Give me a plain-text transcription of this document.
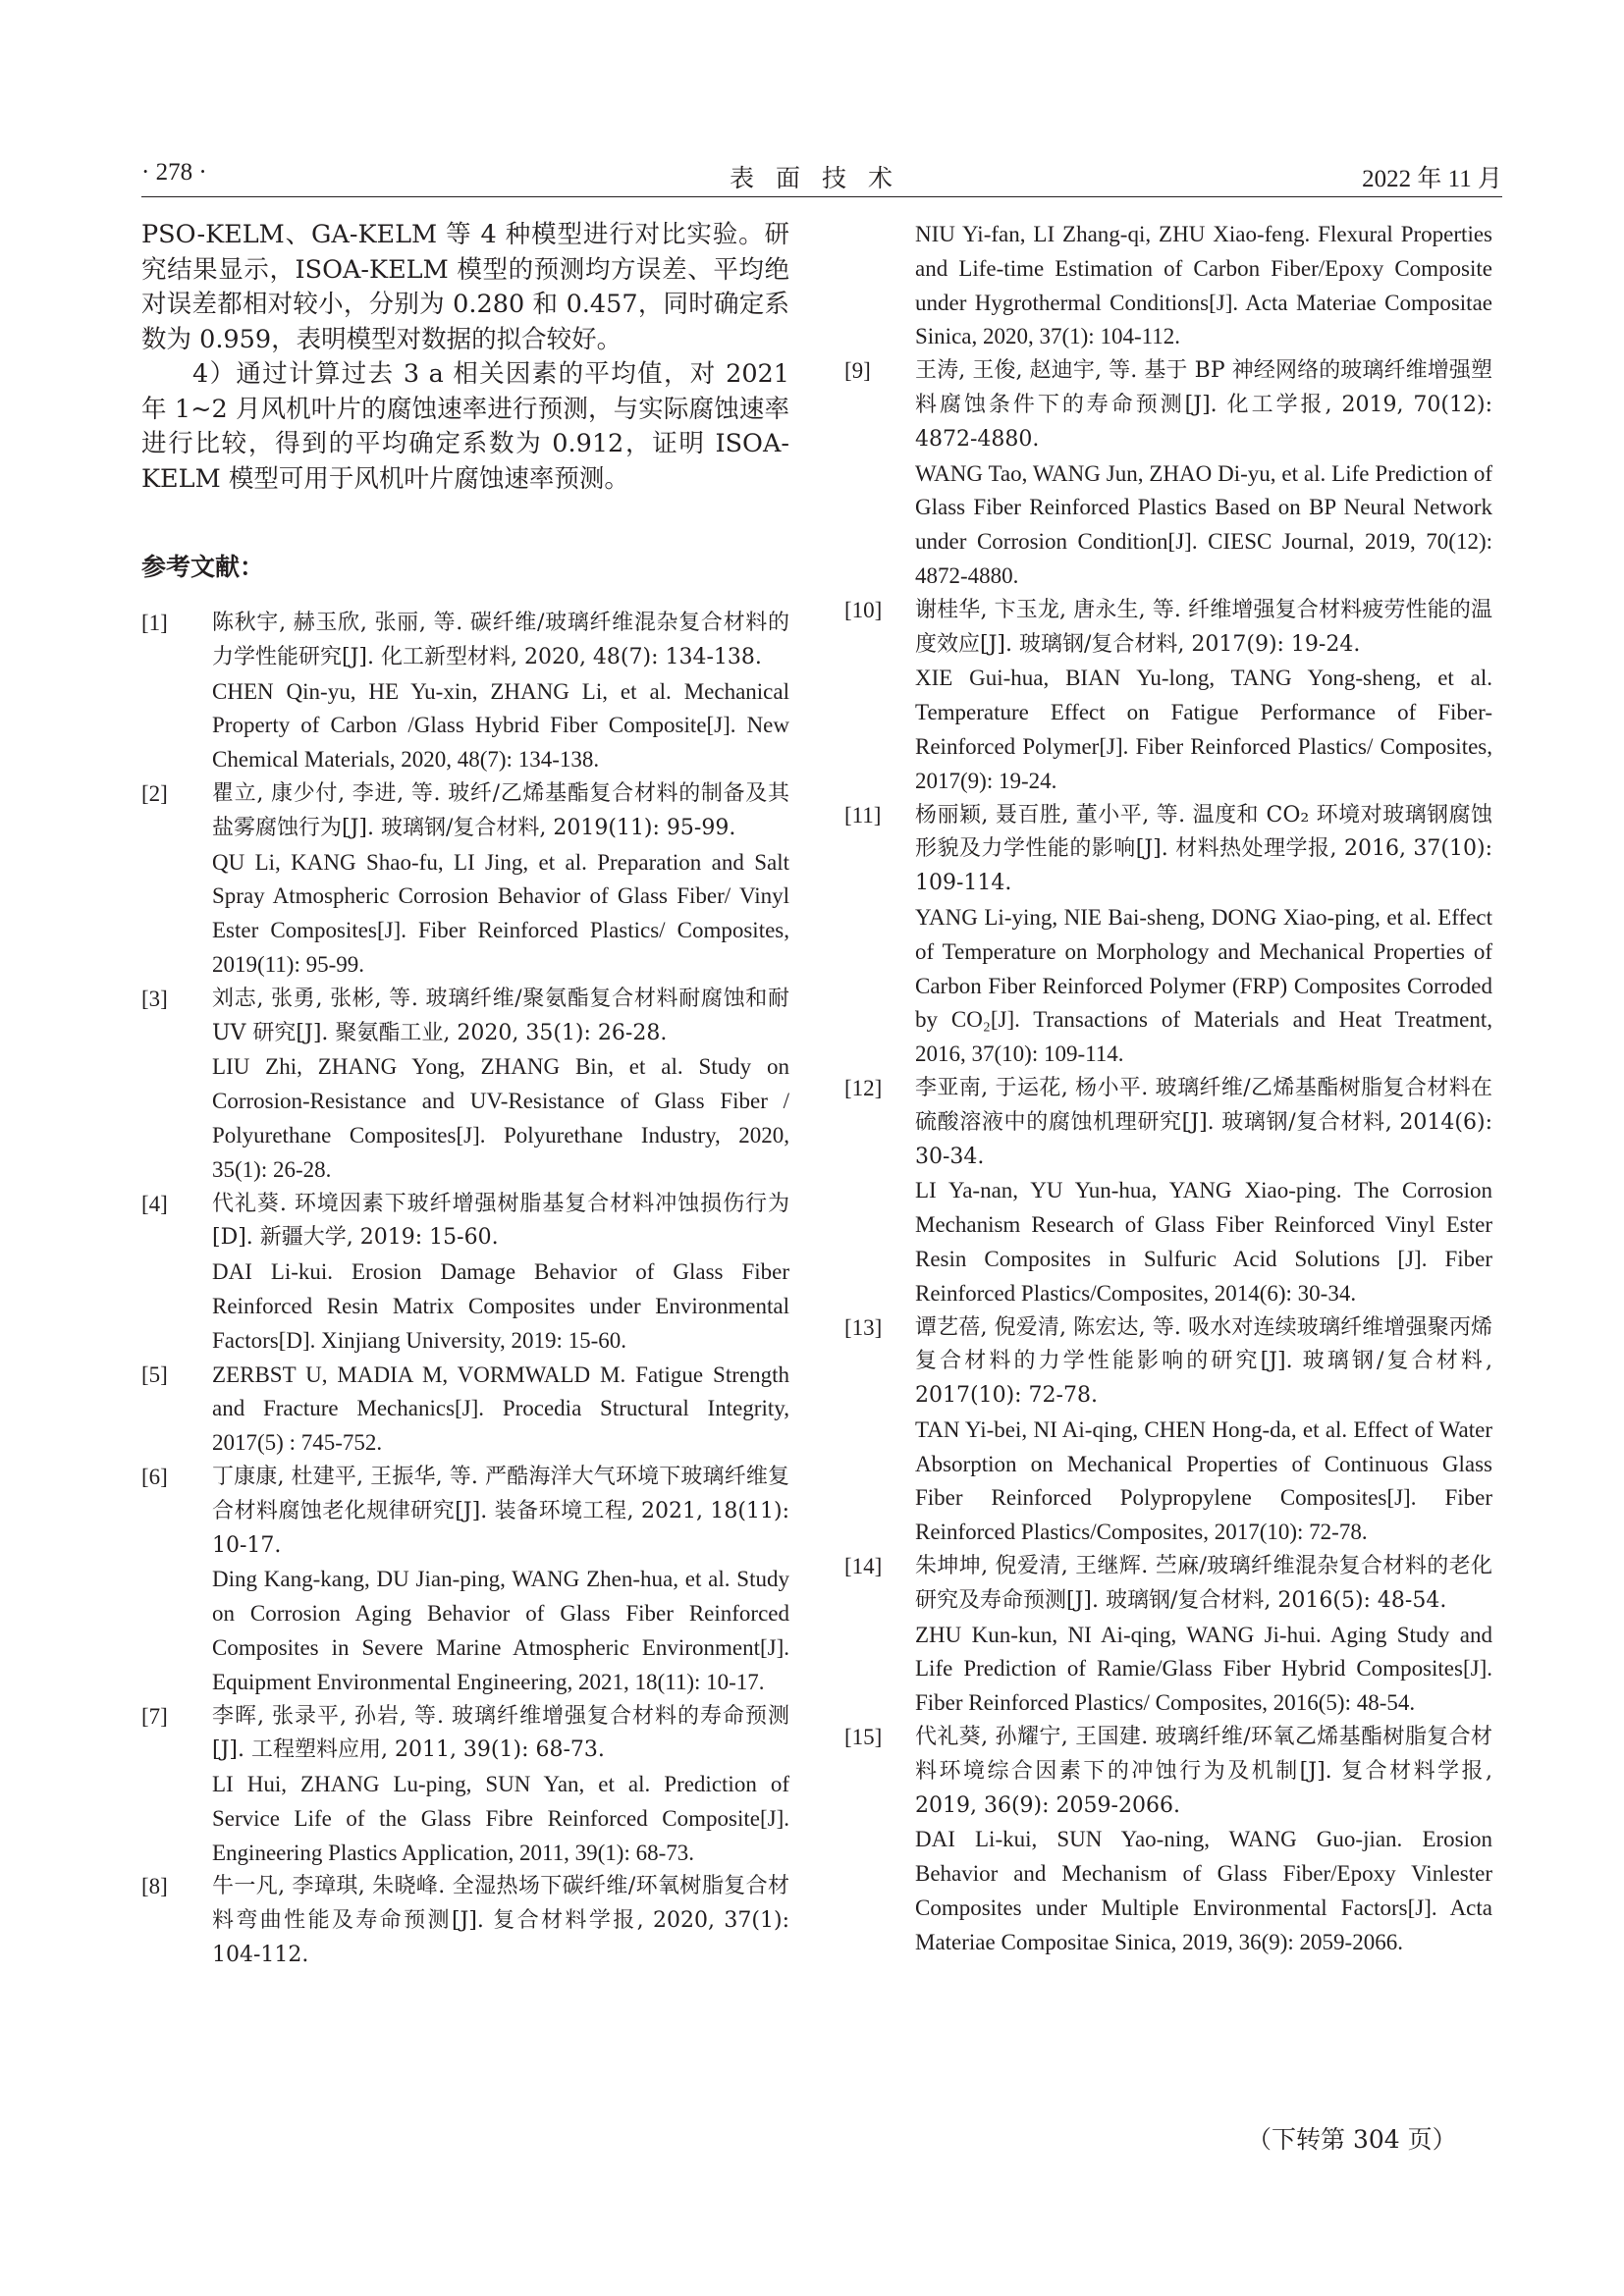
· 278 ·	表面技术	2022 年 11 月

PSO-KELM、GA-KELM 等 4 种模型进行对比实验。研究结果显示，ISOA-KELM 模型的预测均方误差、平均绝对误差都相对较小，分别为 0.280 和 0.457，同时确定系数为 0.959，表明模型对数据的拟合较好。

4）通过计算过去 3 a 相关因素的平均值，对 2021 年 1~2 月风机叶片的腐蚀速率进行预测，与实际腐蚀速率进行比较，得到的平均确定系数为 0.912，证明 ISOA-KELM 模型可用于风机叶片腐蚀速率预测。

参考文献：
[1]	陈秋宇, 赫玉欣, 张丽, 等. 碳纤维/玻璃纤维混杂复合材料的力学性能研究[J]. 化工新型材料, 2020, 48(7): 134-138.

CHEN Qin-yu, HE Yu-xin, ZHANG Li, et al. Mechanical Property of Carbon /Glass Hybrid Fiber Composite[J]. New Chemical Materials, 2020, 48(7): 134-138.

[2]	瞿立, 康少付, 李进, 等. 玻纤/乙烯基酯复合材料的制备及其盐雾腐蚀行为[J]. 玻璃钢/复合材料, 2019(11): 95-99.

QU Li, KANG Shao-fu, LI Jing, et al. Preparation and Salt Spray Atmospheric Corrosion Behavior of Glass Fiber/ Vinyl Ester Composites[J]. Fiber Reinforced Plastics/ Composites, 2019(11): 95-99.

[3]	刘志, 张勇, 张彬, 等. 玻璃纤维/聚氨酯复合材料耐腐蚀和耐 UV 研究[J]. 聚氨酯工业, 2020, 35(1): 26-28.

LIU Zhi, ZHANG Yong, ZHANG Bin, et al. Study on Corrosion-Resistance and UV-Resistance of Glass Fiber / Polyurethane Composites[J]. Polyurethane Industry, 2020, 35(1): 26-28.

[4]	代礼葵. 环境因素下玻纤增强树脂基复合材料冲蚀损伤行为[D]. 新疆大学, 2019: 15-60.

DAI Li-kui. Erosion Damage Behavior of Glass Fiber Reinforced Resin Matrix Composites under Environmental Factors[D]. Xinjiang University, 2019: 15-60.

[5]	ZERBST U, MADIA M, VORMWALD M. Fatigue Strength and Fracture Mechanics[J]. Procedia Structural Integrity, 2017(5) : 745-752.

[6]	丁康康, 杜建平, 王振华, 等. 严酷海洋大气环境下玻璃纤维复合材料腐蚀老化规律研究[J]. 装备环境工程, 2021, 18(11): 10-17.

Ding Kang-kang, DU Jian-ping, WANG Zhen-hua, et al. Study on Corrosion Aging Behavior of Glass Fiber Reinforced Composites in Severe Marine Atmospheric Environment[J]. Equipment Environmental Engineering, 2021, 18(11): 10-17.

[7]	李晖, 张录平, 孙岩, 等. 玻璃纤维增强复合材料的寿命预测[J]. 工程塑料应用, 2011, 39(1): 68-73.

LI Hui, ZHANG Lu-ping, SUN Yan, et al. Prediction of Service Life of the Glass Fibre Reinforced Composite[J]. Engineering Plastics Application, 2011, 39(1): 68-73.

[8]	牛一凡, 李璋琪, 朱晓峰. 全湿热场下碳纤维/环氧树脂复合材料弯曲性能及寿命预测[J]. 复合材料学报, 2020, 37(1): 104-112.

NIU Yi-fan, LI Zhang-qi, ZHU Xiao-feng. Flexural Properties and Life-time Estimation of Carbon Fiber/Epoxy Composite under Hygrothermal Conditions[J]. Acta Materiae Compositae Sinica, 2020, 37(1): 104-112.

[9]	王涛, 王俊, 赵迪宇, 等. 基于 BP 神经网络的玻璃纤维增强塑料腐蚀条件下的寿命预测[J]. 化工学报, 2019, 70(12): 4872-4880.

WANG Tao, WANG Jun, ZHAO Di-yu, et al. Life Prediction of Glass Fiber Reinforced Plastics Based on BP Neural Network under Corrosion Condition[J]. CIESC Journal, 2019, 70(12): 4872-4880.

[10]	谢桂华, 卞玉龙, 唐永生, 等. 纤维增强复合材料疲劳性能的温度效应[J]. 玻璃钢/复合材料, 2017(9): 19-24.

XIE Gui-hua, BIAN Yu-long, TANG Yong-sheng, et al. Temperature Effect on Fatigue Performance of Fiber-Reinforced Polymer[J]. Fiber Reinforced Plastics/ Composites, 2017(9): 19-24.

[11]	杨丽颖, 聂百胜, 董小平, 等. 温度和 CO₂ 环境对玻璃钢腐蚀形貌及力学性能的影响[J]. 材料热处理学报, 2016, 37(10): 109-114.

YANG Li-ying, NIE Bai-sheng, DONG Xiao-ping, et al. Effect of Temperature on Morphology and Mechanical Properties of Carbon Fiber Reinforced Polymer (FRP) Composites Corroded by CO₂[J]. Transactions of Materials and Heat Treatment, 2016, 37(10): 109-114.

[12]	李亚南, 于运花, 杨小平. 玻璃纤维/乙烯基酯树脂复合材料在硫酸溶液中的腐蚀机理研究[J]. 玻璃钢/复合材料, 2014(6): 30-34.

LI Ya-nan, YU Yun-hua, YANG Xiao-ping. The Corrosion Mechanism Research of Glass Fiber Reinforced Vinyl Ester Resin Composites in Sulfuric Acid Solutions [J]. Fiber Reinforced Plastics/Composites, 2014(6): 30-34.

[13]	谭艺蓓, 倪爱清, 陈宏达, 等. 吸水对连续玻璃纤维增强聚丙烯复合材料的力学性能影响的研究[J]. 玻璃钢/复合材料, 2017(10): 72-78.

TAN Yi-bei, NI Ai-qing, CHEN Hong-da, et al. Effect of Water Absorption on Mechanical Properties of Continuous Glass Fiber Reinforced Polypropylene Composites[J]. Fiber Reinforced Plastics/Composites, 2017(10): 72-78.

[14]	朱坤坤, 倪爱清, 王继辉. 苎麻/玻璃纤维混杂复合材料的老化研究及寿命预测[J]. 玻璃钢/复合材料, 2016(5): 48-54.

ZHU Kun-kun, NI Ai-qing, WANG Ji-hui. Aging Study and Life Prediction of Ramie/Glass Fiber Hybrid Composites[J]. Fiber Reinforced Plastics/ Composites, 2016(5): 48-54.

[15]	代礼葵, 孙耀宁, 王国建. 玻璃纤维/环氧乙烯基酯树脂复合材料环境综合因素下的冲蚀行为及机制[J]. 复合材料学报, 2019, 36(9): 2059-2066.

DAI Li-kui, SUN Yao-ning, WANG Guo-jian. Erosion Behavior and Mechanism of Glass Fiber/Epoxy Vinlester Composites under Multiple Environmental Factors[J]. Acta Materiae Compositae Sinica, 2019, 36(9): 2059-2066.

（下转第 304 页）
